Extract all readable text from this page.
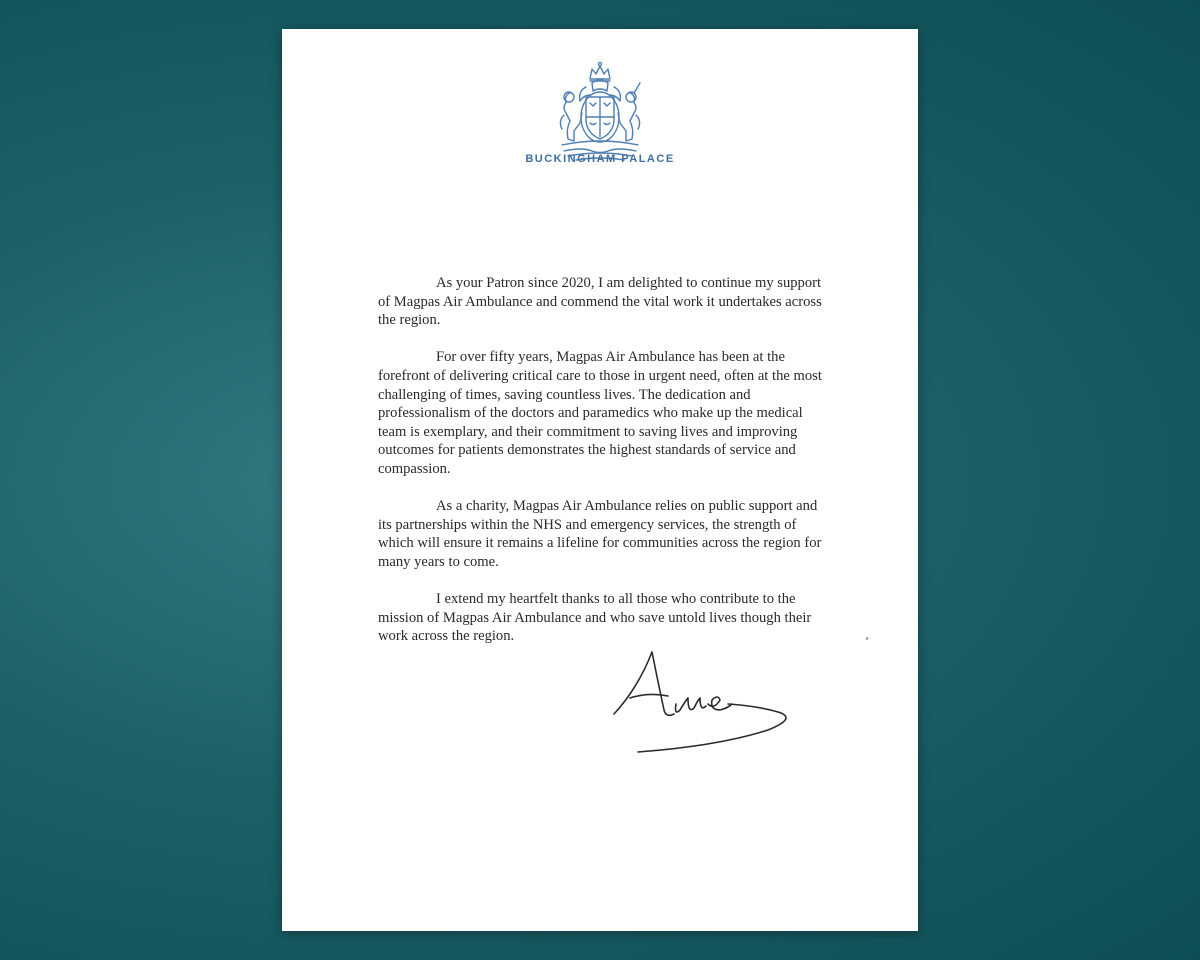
BUCKINGHAM PALACE

As your Patron since 2020, I am delighted to continue my support of Magpas Air Ambulance and commend the vital work it undertakes across the region.

For over fifty years, Magpas Air Ambulance has been at the forefront of delivering critical care to those in urgent need, often at the most challenging of times, saving countless lives. The dedication and professionalism of the doctors and paramedics who make up the medical team is exemplary, and their commitment to saving lives and improving outcomes for patients demonstrates the highest standards of service and compassion.

As a charity, Magpas Air Ambulance relies on public support and its partnerships within the NHS and emergency services, the strength of which will ensure it remains a lifeline for communities across the region for many years to come.

I extend my heartfelt thanks to all those who contribute to the mission of Magpas Air Ambulance and who save untold lives though their work across the region.
